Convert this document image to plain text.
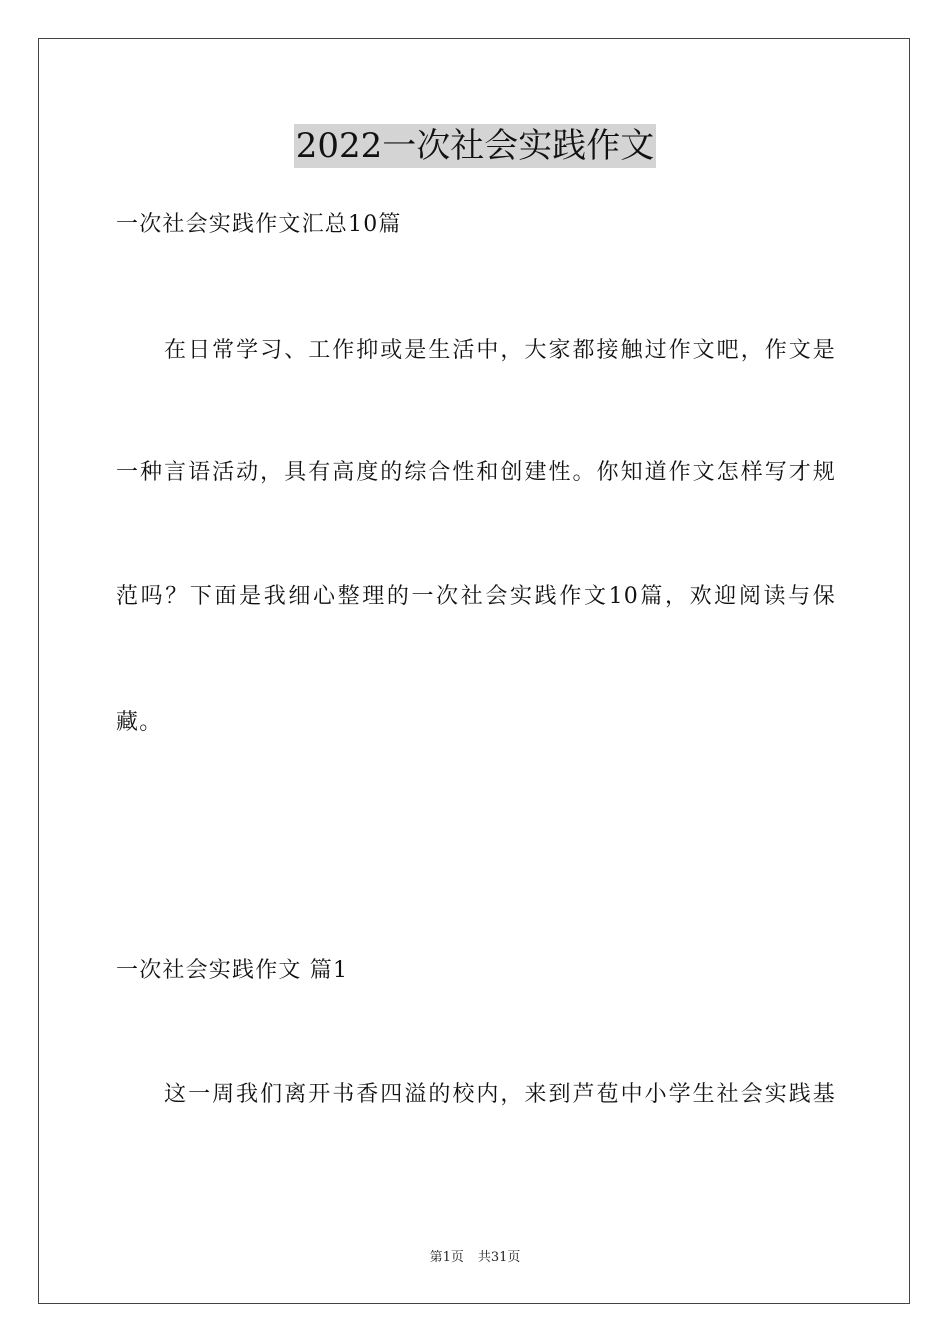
2022一次社会实践作文
一次社会实践作文汇总10篇
　　在日常学习、工作抑或是生活中，大家都接触过作文吧，作文是
一种言语活动，具有高度的综合性和创建性。你知道作文怎样写才规
范吗？下面是我细心整理的一次社会实践作文10篇，欢迎阅读与保
藏。
一次社会实践作文 篇1
　　这一周我们离开书香四溢的校内，来到芦苞中小学生社会实践基
第1页 共31页
